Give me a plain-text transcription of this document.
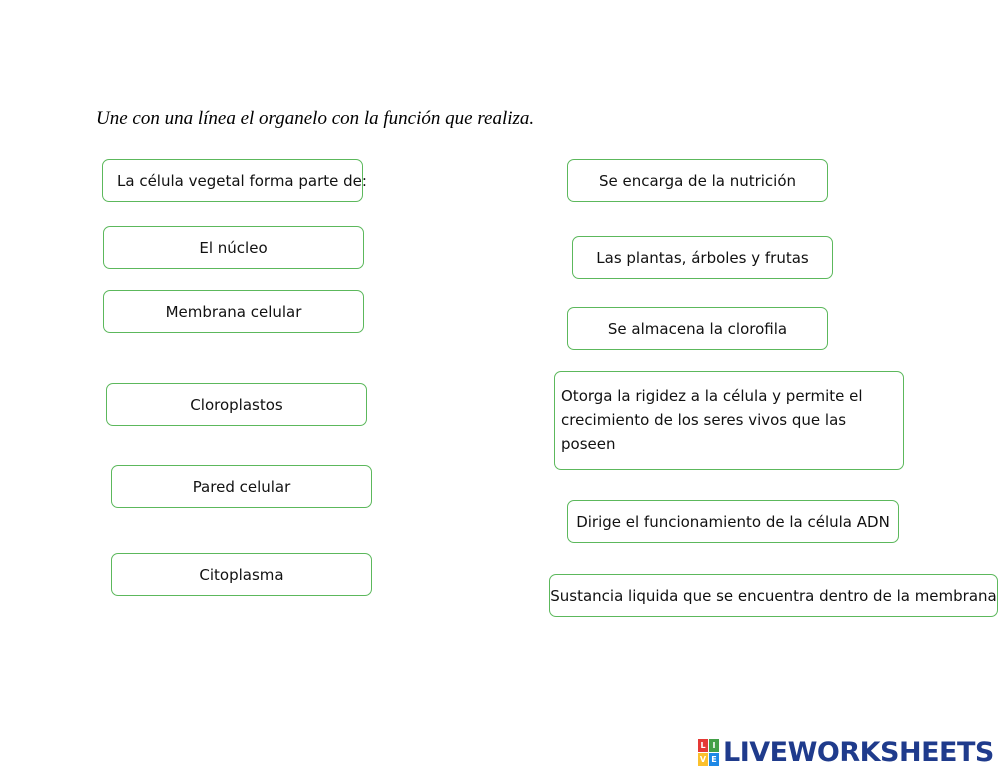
Une con una línea el organelo con la función que realiza.
La célula vegetal forma parte de:
El núcleo
Membrana celular
Cloroplastos
Pared celular
Citoplasma
Se encarga de la nutrición
Las plantas, árboles y frutas
Se almacena la clorofila
Otorga la rigidez a la célula y permite el crecimiento de los seres vivos que las poseen
Dirige el funcionamiento de la célula ADN
Sustancia liquida que se encuentra dentro de la membrana
L I
V E LIVEWORKSHEETS
